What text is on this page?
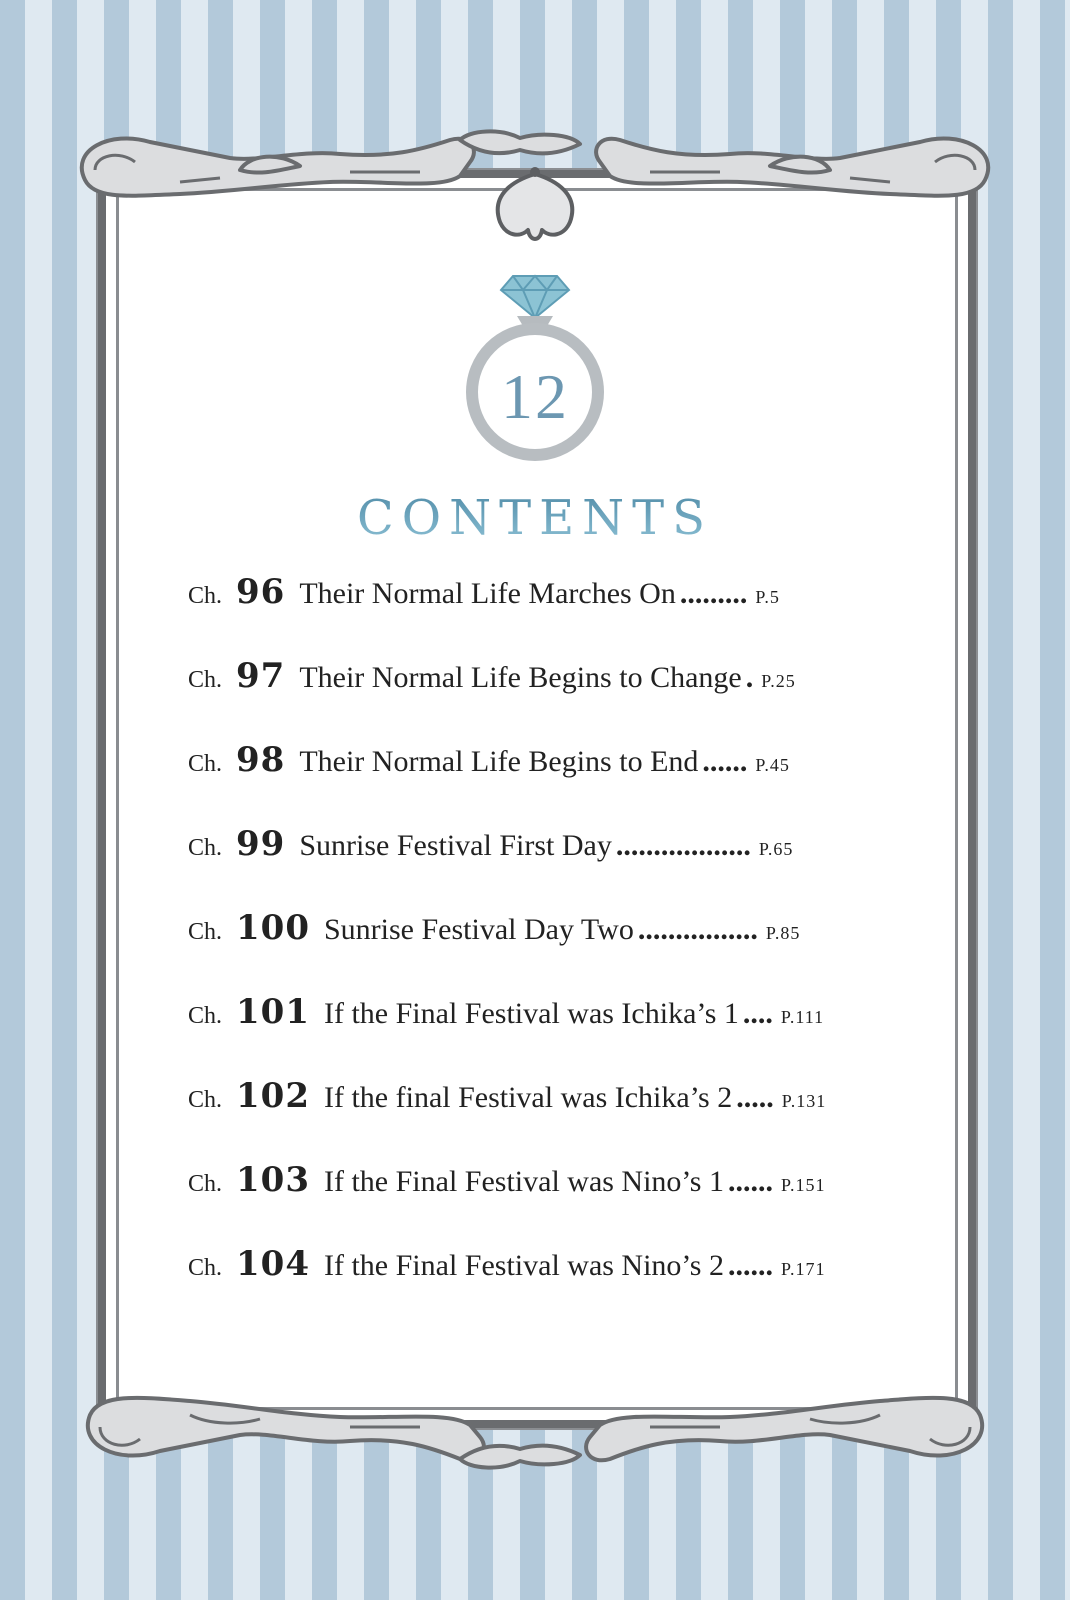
12
CONTENTS
Ch. 96 Their Normal Life Marches On ......... P.5
Ch. 97 Their Normal Life Begins to Change . P.25
Ch. 98 Their Normal Life Begins to End ...... P.45
Ch. 99 Sunrise Festival First Day .................. P.65
Ch. 100 Sunrise Festival Day Two ................ P.85
Ch. 101 If the Final Festival was Ichika’s 1 .... P.111
Ch. 102 If the final Festival was Ichika’s 2 ..... P.131
Ch. 103 If the Final Festival was Nino’s 1 ...... P.151
Ch. 104 If the Final Festival was Nino’s 2 ...... P.171
